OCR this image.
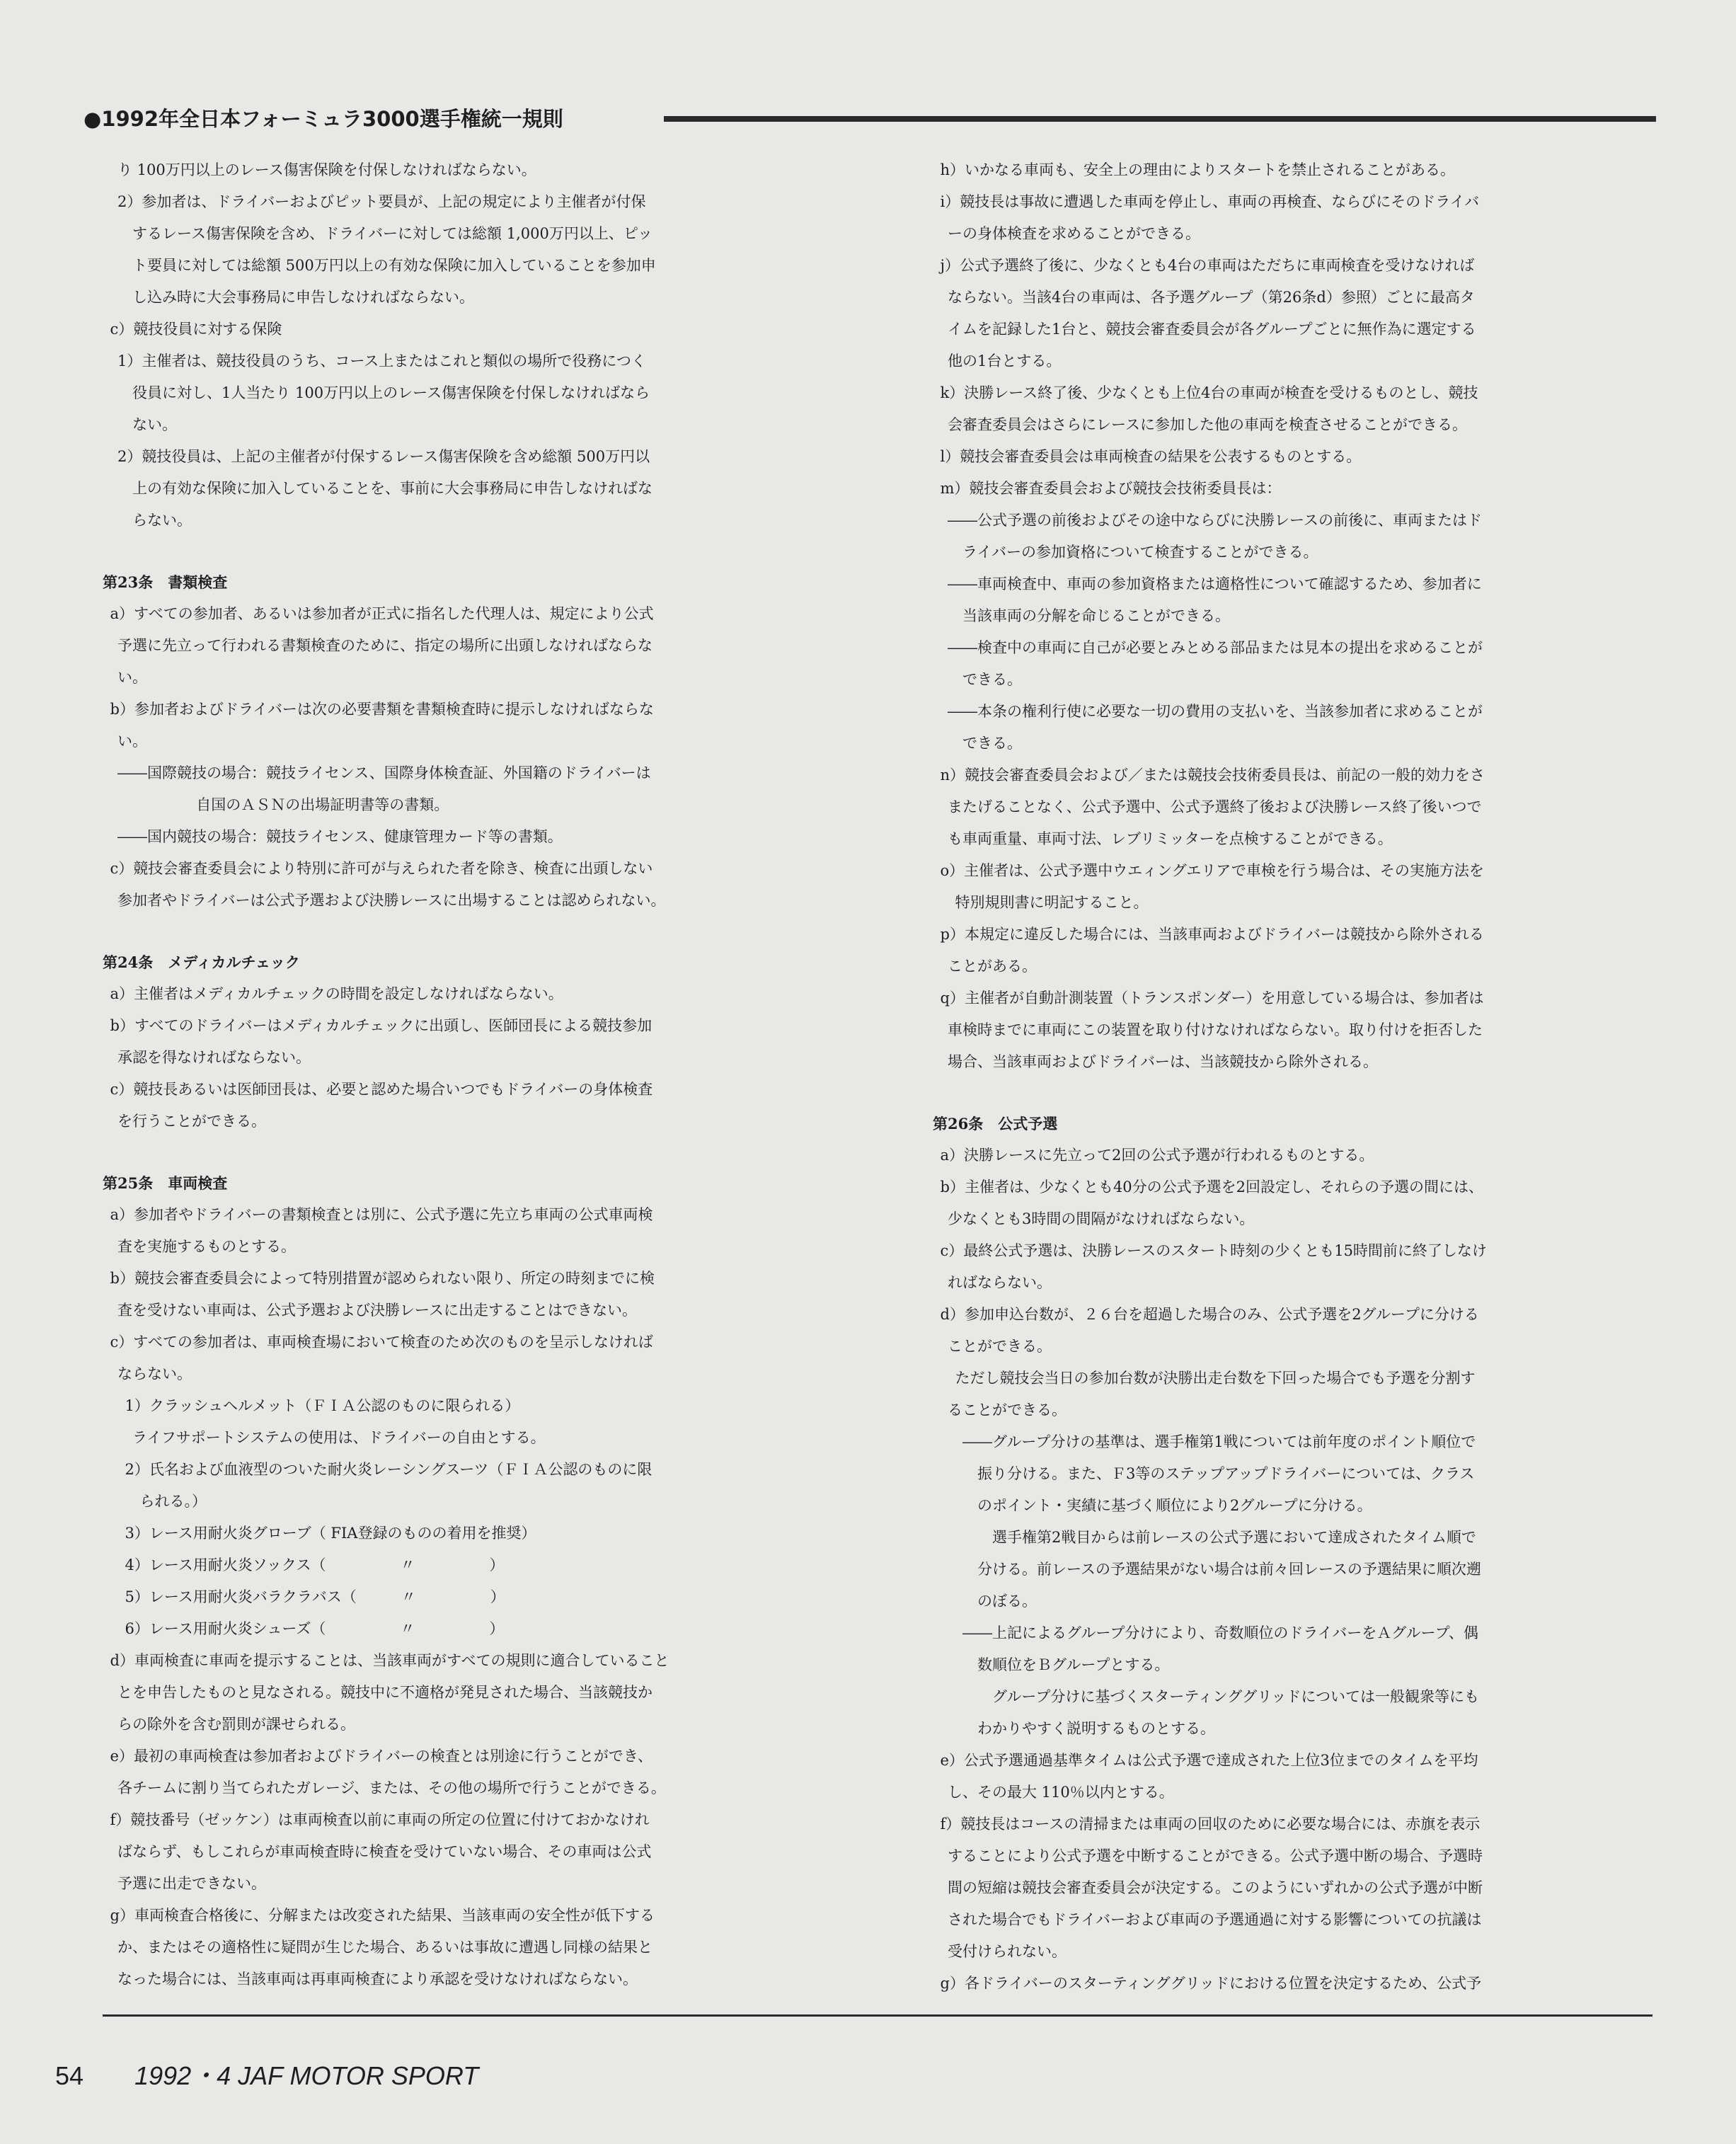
●1992年全日本フォーミュラ3000選手権統一規則
り 100万円以上のレース傷害保険を付保しなければならない。
2）参加者は、ドライバーおよびピット要員が、上記の規定により主催者が付保
するレース傷害保険を含め、ドライバーに対しては総額 1,000万円以上、ピッ
ト要員に対しては総額 500万円以上の有効な保険に加入していることを参加申
し込み時に大会事務局に申告しなければならない。
c）競技役員に対する保険
1）主催者は、競技役員のうち、コース上またはこれと類似の場所で役務につく
役員に対し、1人当たり 100万円以上のレース傷害保険を付保しなければなら
ない。
2）競技役員は、上記の主催者が付保するレース傷害保険を含め総額 500万円以
上の有効な保険に加入していることを、事前に大会事務局に申告しなければな
らない。
第23条　書類検査
a）すべての参加者、あるいは参加者が正式に指名した代理人は、規定により公式
予選に先立って行われる書類検査のために、指定の場所に出頭しなければならな
い。
b）参加者およびドライバーは次の必要書類を書類検査時に提示しなければならな
い。
――国際競技の場合：競技ライセンス、国際身体検査証、外国籍のドライバーは
自国のＡＳＮの出場証明書等の書類。
――国内競技の場合：競技ライセンス、健康管理カード等の書類。
c）競技会審査委員会により特別に許可が与えられた者を除き、検査に出頭しない
参加者やドライバーは公式予選および決勝レースに出場することは認められない。
第24条　メディカルチェック
a）主催者はメディカルチェックの時間を設定しなければならない。
b）すべてのドライバーはメディカルチェックに出頭し、医師団長による競技参加
承認を得なければならない。
c）競技長あるいは医師団長は、必要と認めた場合いつでもドライバーの身体検査
を行うことができる。
第25条　車両検査
a）参加者やドライバーの書類検査とは別に、公式予選に先立ち車両の公式車両検
査を実施するものとする。
b）競技会審査委員会によって特別措置が認められない限り、所定の時刻までに検
査を受けない車両は、公式予選および決勝レースに出走することはできない。
c）すべての参加者は、車両検査場において検査のため次のものを呈示しなければ
ならない。
1）クラッシュヘルメット（ＦＩＡ公認のものに限られる）
ライフサポートシステムの使用は、ドライバーの自由とする。
2）氏名および血液型のついた耐火炎レーシングスーツ（ＦＩＡ公認のものに限
られる。）
3）レース用耐火炎グローブ（ FIA登録のものの着用を推奨）
4）レース用耐火炎ソックス（　　　　　〃　　　　　）
5）レース用耐火炎バラクラバス（　　　〃　　　　　）
6）レース用耐火炎シューズ（　　　　　〃　　　　　）
d）車両検査に車両を提示することは、当該車両がすべての規則に適合していること
とを申告したものと見なされる。競技中に不適格が発見された場合、当該競技か
らの除外を含む罰則が課せられる。
e）最初の車両検査は参加者およびドライバーの検査とは別途に行うことができ、
各チームに割り当てられたガレージ、または、その他の場所で行うことができる。
f）競技番号（ゼッケン）は車両検査以前に車両の所定の位置に付けておかなけれ
ばならず、もしこれらが車両検査時に検査を受けていない場合、その車両は公式
予選に出走できない。
g）車両検査合格後に、分解または改変された結果、当該車両の安全性が低下する
か、またはその適格性に疑問が生じた場合、あるいは事故に遭遇し同様の結果と
なった場合には、当該車両は再車両検査により承認を受けなければならない。
h）いかなる車両も、安全上の理由によりスタートを禁止されることがある。
i）競技長は事故に遭遇した車両を停止し、車両の再検査、ならびにそのドライバ
ーの身体検査を求めることができる。
j）公式予選終了後に、少なくとも4台の車両はただちに車両検査を受けなければ
ならない。当該4台の車両は、各予選グループ（第26条d）参照）ごとに最高タ
イムを記録した1台と、競技会審査委員会が各グループごとに無作為に選定する
他の1台とする。
k）決勝レース終了後、少なくとも上位4台の車両が検査を受けるものとし、競技
会審査委員会はさらにレースに参加した他の車両を検査させることができる。
l）競技会審査委員会は車両検査の結果を公表するものとする。
m）競技会審査委員会および競技会技術委員長は：
――公式予選の前後およびその途中ならびに決勝レースの前後に、車両またはド
ライバーの参加資格について検査することができる。
――車両検査中、車両の参加資格または適格性について確認するため、参加者に
当該車両の分解を命じることができる。
――検査中の車両に自己が必要とみとめる部品または見本の提出を求めることが
できる。
――本条の権利行使に必要な一切の費用の支払いを、当該参加者に求めることが
できる。
n）競技会審査委員会および／または競技会技術委員長は、前記の一般的効力をさ
またげることなく、公式予選中、公式予選終了後および決勝レース終了後いつで
も車両重量、車両寸法、レブリミッターを点検することができる。
o）主催者は、公式予選中ウエィングエリアで車検を行う場合は、その実施方法を
特別規則書に明記すること。
p）本規定に違反した場合には、当該車両およびドライバーは競技から除外される
ことがある。
q）主催者が自動計測装置（トランスポンダー）を用意している場合は、参加者は
車検時までに車両にこの装置を取り付けなければならない。取り付けを拒否した
場合、当該車両およびドライバーは、当該競技から除外される。
第26条　公式予選
a）決勝レースに先立って2回の公式予選が行われるものとする。
b）主催者は、少なくとも40分の公式予選を2回設定し、それらの予選の間には、
少なくとも3時間の間隔がなければならない。
c）最終公式予選は、決勝レースのスタート時刻の少くとも15時間前に終了しなけ
ればならない。
d）参加申込台数が、２６台を超過した場合のみ、公式予選を2グループに分ける
ことができる。
ただし競技会当日の参加台数が決勝出走台数を下回った場合でも予選を分割す
ることができる。
――グループ分けの基準は、選手権第1戦については前年度のポイント順位で
振り分ける。また、Ｆ3等のステップアップドライバーについては、クラス
のポイント・実績に基づく順位により2グループに分ける。
選手権第2戦目からは前レースの公式予選において達成されたタイム順で
分ける。前レースの予選結果がない場合は前々回レースの予選結果に順次遡
のぼる。
――上記によるグループ分けにより、奇数順位のドライバーをＡグループ、偶
数順位をＢグループとする。
グループ分けに基づくスターティンググリッドについては一般観衆等にも
わかりやすく説明するものとする。
e）公式予選通過基準タイムは公式予選で達成された上位3位までのタイムを平均
し、その最大 110％以内とする。
f）競技長はコースの清掃または車両の回収のために必要な場合には、赤旗を表示
することにより公式予選を中断することができる。公式予選中断の場合、予選時
間の短縮は競技会審査委員会が決定する。このようにいずれかの公式予選が中断
された場合でもドライバーおよび車両の予選通過に対する影響についての抗議は
受付けられない。
g）各ドライバーのスターティンググリッドにおける位置を決定するため、公式予
54 1992・4 JAF MOTOR SPORT
